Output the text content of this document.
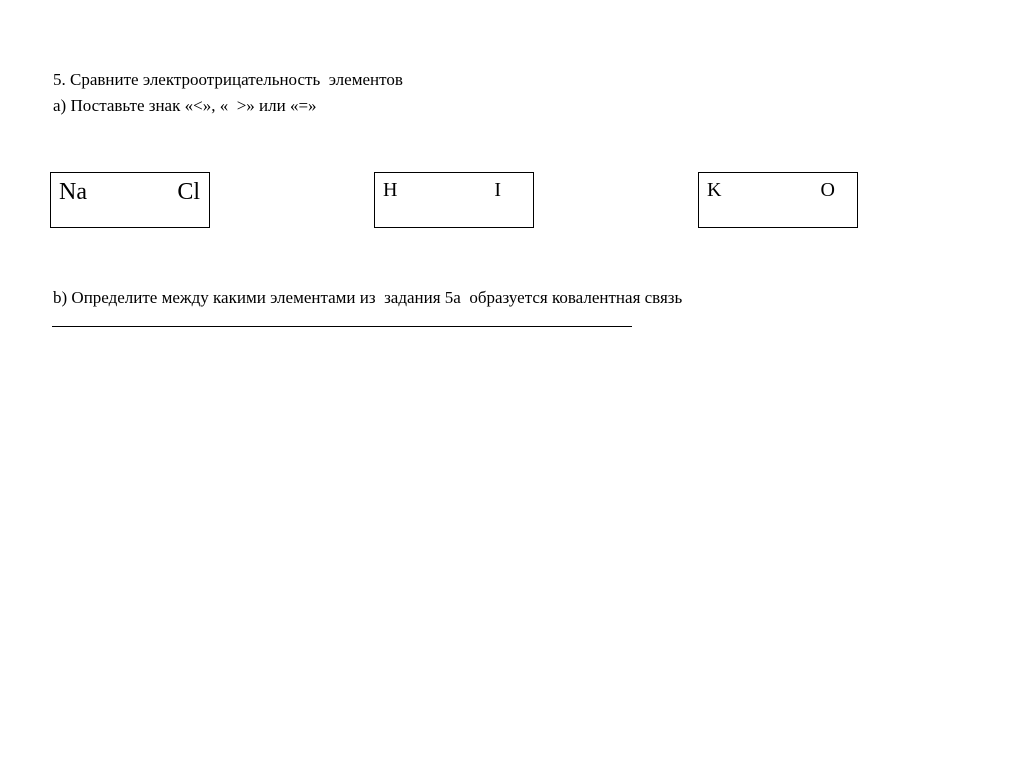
5. Сравните электроотрицательность  элементов
a) Поставьте знак «<», «  >» или «=»
Na	Cl	H	I	K	O
b) Определите между какими элементами из  задания 5а  образуется ковалентная связь
